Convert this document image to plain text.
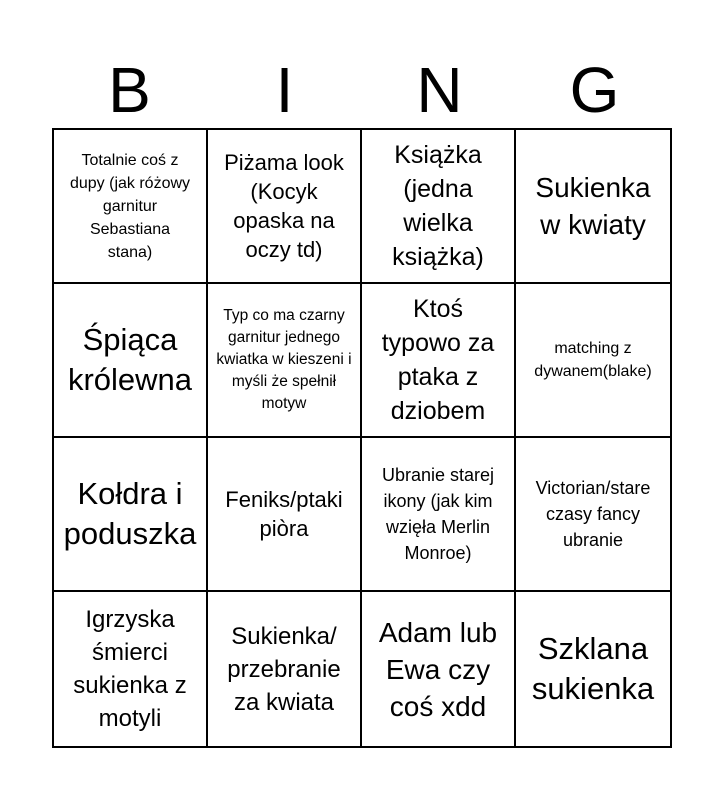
B	I	N	G
Totalnie coś z dupy (jak różowy garnitur Sebastiana stana)
Piżama look (Kocyk opaska na oczy td)
Książka (jedna wielka książka)
Sukienka w kwiaty
Śpiąca królewna
Typ co ma czarny garnitur jednego kwiatka w kieszeni i myśli że spełnił motyw
Ktoś typowo za ptaka z dziobem
matching z dywanem(blake)
Kołdra i poduszka
Feniks/ptaki piòra
Ubranie starej ikony (jak kim wzięła Merlin Monroe)
Victorian/stare czasy fancy ubranie
Igrzyska śmierci sukienka z motyli
Sukienka/ przebranie za kwiata
Adam lub Ewa czy coś xdd
Szklana sukienka
